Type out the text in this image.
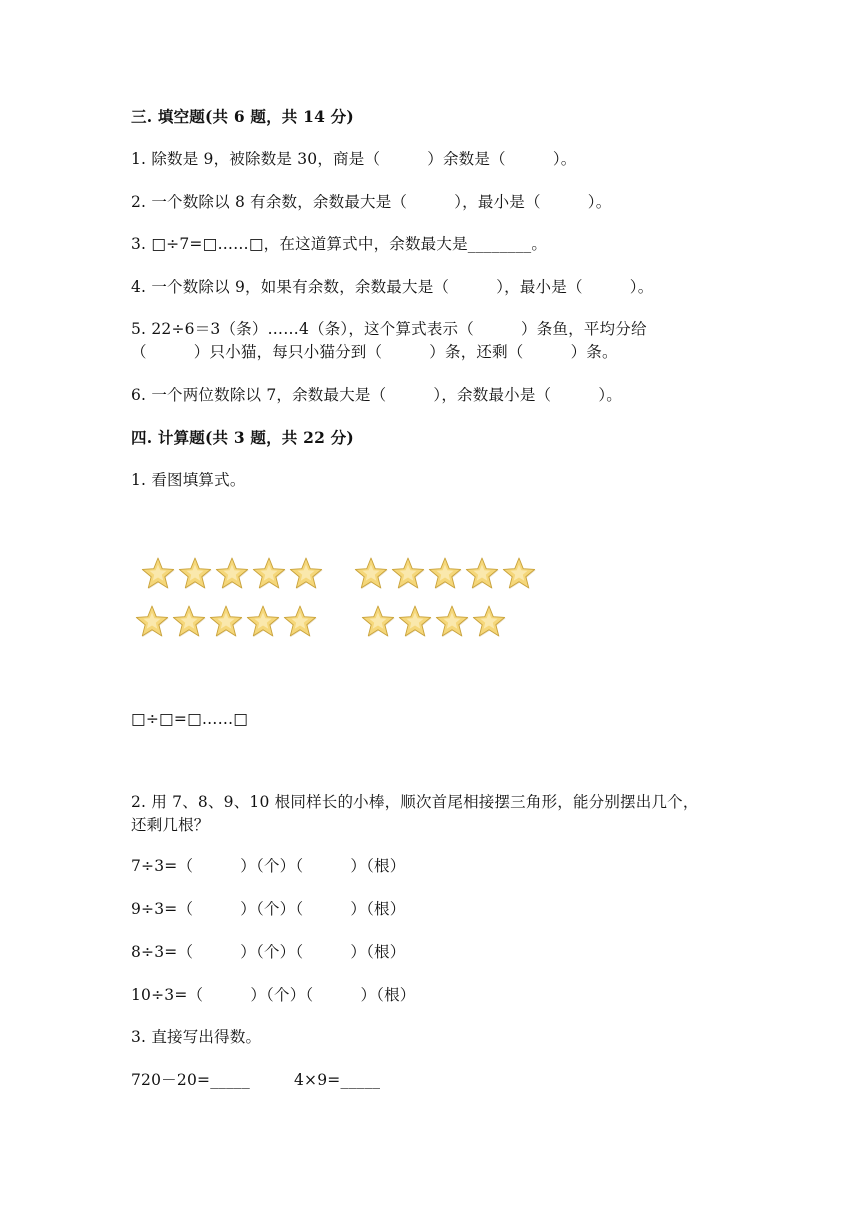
三. 填空题(共 6 题，共 14 分)
1. 除数是 9，被除数是 30，商是（　　　）余数是（　　　）。
2. 一个数除以 8 有余数，余数最大是（　　　），最小是（　　　）。
3. □÷7=□……□，在这道算式中，余数最大是________。
4. 一个数除以 9，如果有余数，余数最大是（　　　），最小是（　　　）。
5. 22÷6＝3（条）……4（条），这个算式表示（　　　）条鱼，平均分给
（　　　）只小猫，每只小猫分到（　　　）条，还剩（　　　）条。
6. 一个两位数除以 7，余数最大是（　　　），余数最小是（　　　）。
四. 计算题(共 3 题，共 22 分)
1. 看图填算式。
□÷□=□……□
2. 用 7、8、9、10 根同样长的小棒，顺次首尾相接摆三角形，能分别摆出几个，
还剩几根？
7÷3=（　　　）（个）（　　　）（根）
9÷3=（　　　）（个）（　　　）（根）
8÷3=（　　　）（个）（　　　）（根）
10÷3=（　　　）（个）（　　　）（根）
3. 直接写出得数。
720－20=_____	4×9=_____
